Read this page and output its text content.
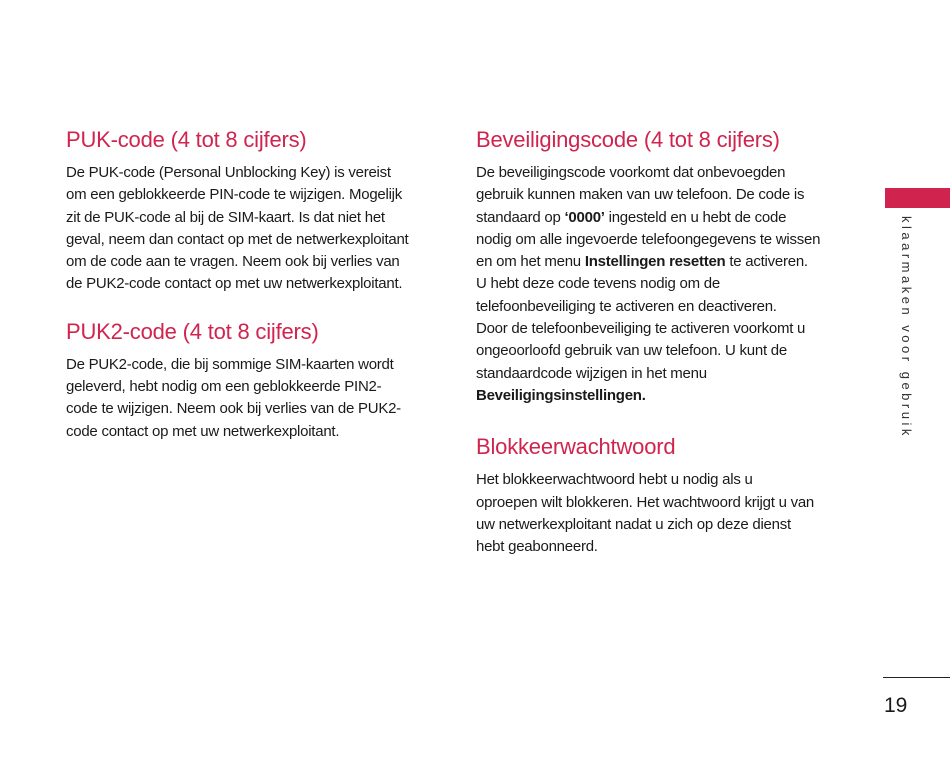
PUK-code (4 tot 8 cijfers)
De PUK-code (Personal Unblocking Key) is vereist
om een geblokkeerde PIN-code te wijzigen. Mogelijk
zit de PUK-code al bij de SIM-kaart. Is dat niet het
geval, neem dan contact op met de netwerkexploitant
om de code aan te vragen. Neem ook bij verlies van
de PUK2-code contact op met uw netwerkexploitant.
PUK2-code (4 tot 8 cijfers)
De PUK2-code, die bij sommige SIM-kaarten wordt
geleverd, hebt nodig om een geblokkeerde PIN2-
code te wijzigen. Neem ook bij verlies van de PUK2-
code contact op met uw netwerkexploitant.
Beveiligingscode (4 tot 8 cijfers)
De beveiligingscode voorkomt dat onbevoegden
gebruik kunnen maken van uw telefoon. De code is
standaard op ‘0000’ ingesteld en u hebt de code
nodig om alle ingevoerde telefoongegevens te wissen
en om het menu Instellingen resetten te activeren.
U hebt deze code tevens nodig om de
telefoonbeveiliging te activeren en deactiveren.
Door de telefoonbeveiliging te activeren voorkomt u
ongeoorloofd gebruik van uw telefoon. U kunt de
standaardcode wijzigen in het menu
Beveiligingsinstellingen.
Blokkeerwachtwoord
Het blokkeerwachtwoord hebt u nodig als u
oproepen wilt blokkeren. Het wachtwoord krijgt u van
uw netwerkexploitant nadat u zich op deze dienst
hebt geabonneerd.
klaarmaken voor gebruik
19
